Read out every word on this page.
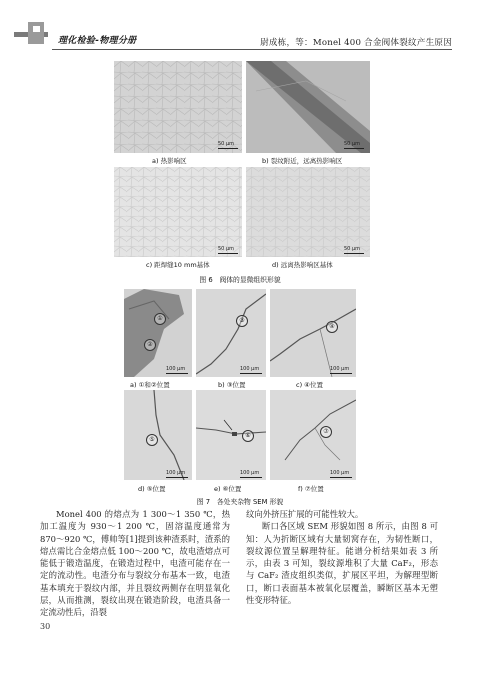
理化检验-物理分册	尉成栋，等：Monel 400 合金阀体裂纹产生原因
50 μm	50 μm
a) 热影响区	b) 裂纹附近，远离热影响区
50 μm	50 μm
c) 距焊缝10 mm基体	d) 远离热影响区基体
图 6　阀体的显微组织形貌
①
②
100 μm
③
100 μm
④
100 μm
a) ①和②位置	b) ③位置	c) ④位置
⑤
100 μm
⑥
100 μm
⑦
100 μm
d) ⑤位置	e) ⑥位置	f) ⑦位置
图 7　各处夹杂物 SEM 形貌

Monel 400 的熔点为 1 300～1 350 ℃，热加工温度为 930～1 200 ℃，固溶温度通常为 870～920 ℃，傅帅等[1]提到该种渣系时，渣系的熔点需比合金熔点低 100～200 ℃，故电渣熔点可能低于锻造温度，在锻造过程中，电渣可能存在一定的流动性。电渣分布与裂纹分布基本一致，电渣基本填充于裂纹内部，并且裂纹两侧存在明显氧化层，从而推测，裂纹出现在锻造阶段，电渣具备一定流动性后，沿裂

纹向外挤压扩展的可能性较大。

断口各区域 SEM 形貌如图 8 所示，由图 8 可知：人为折断区域有大量韧窝存在，为韧性断口，裂纹源位置呈解理特征。能谱分析结果如表 3 所示，由表 3 可知，裂纹源堆积了大量 CaF₂，形态与 CaF₂ 渣皮组织类似，扩展区平坦，为解理型断口，断口表面基本被氧化层覆盖，瞬断区基本无塑性变形特征。

30
